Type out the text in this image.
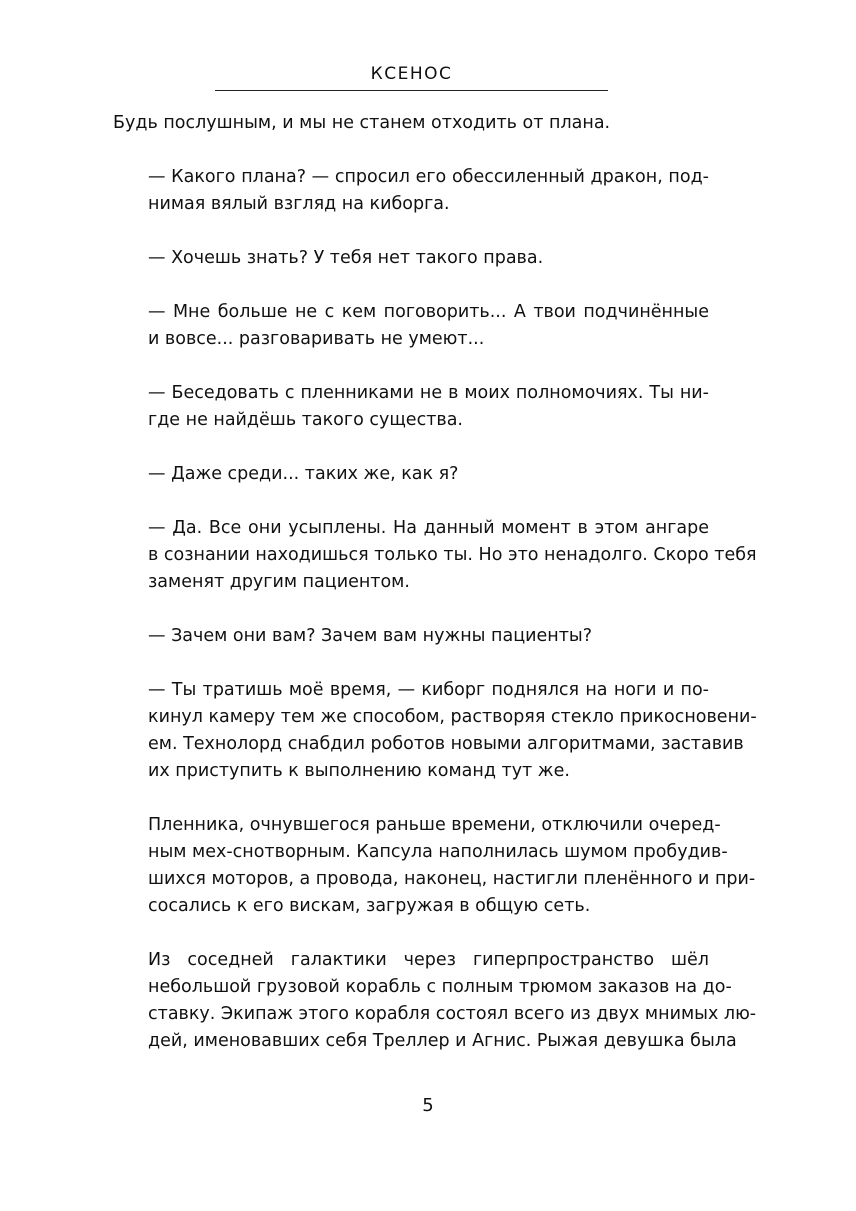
КСЕНОС

Будь послушным, и мы не станем отходить от плана.

— Какого плана? — спросил его обессиленный дракон, под-
нимая вялый взгляд на киборга.

— Хочешь знать? У тебя нет такого права.

— Мне больше не с кем поговорить... А твои подчинённые
и вовсе... разговаривать не умеют...

— Беседовать с пленниками не в моих полномочиях. Ты ни-
где не найдёшь такого существа.

— Даже среди... таких же, как я?

— Да. Все они усыплены. На данный момент в этом ангаре
в сознании находишься только ты. Но это ненадолго. Скоро тебя
заменят другим пациентом.

— Зачем они вам? Зачем вам нужны пациенты?

— Ты тратишь моё время, — киборг поднялся на ноги и по-
кинул камеру тем же способом, растворяя стекло прикосновени-
ем. Технолорд снабдил роботов новыми алгоритмами, заставив
их приступить к выполнению команд тут же.

Пленника, очнувшегося раньше времени, отключили очеред-
ным мех-снотворным. Капсула наполнилась шумом пробудив-
шихся моторов, а провода, наконец, настигли пленённого и при-
сосались к его вискам, загружая в общую сеть.

Из соседней галактики через гиперпространство шёл
небольшой грузовой корабль с полным трюмом заказов на до-
ставку. Экипаж этого корабля состоял всего из двух мнимых лю-
дей, именовавших себя Треллер и Агнис. Рыжая девушка была

5
